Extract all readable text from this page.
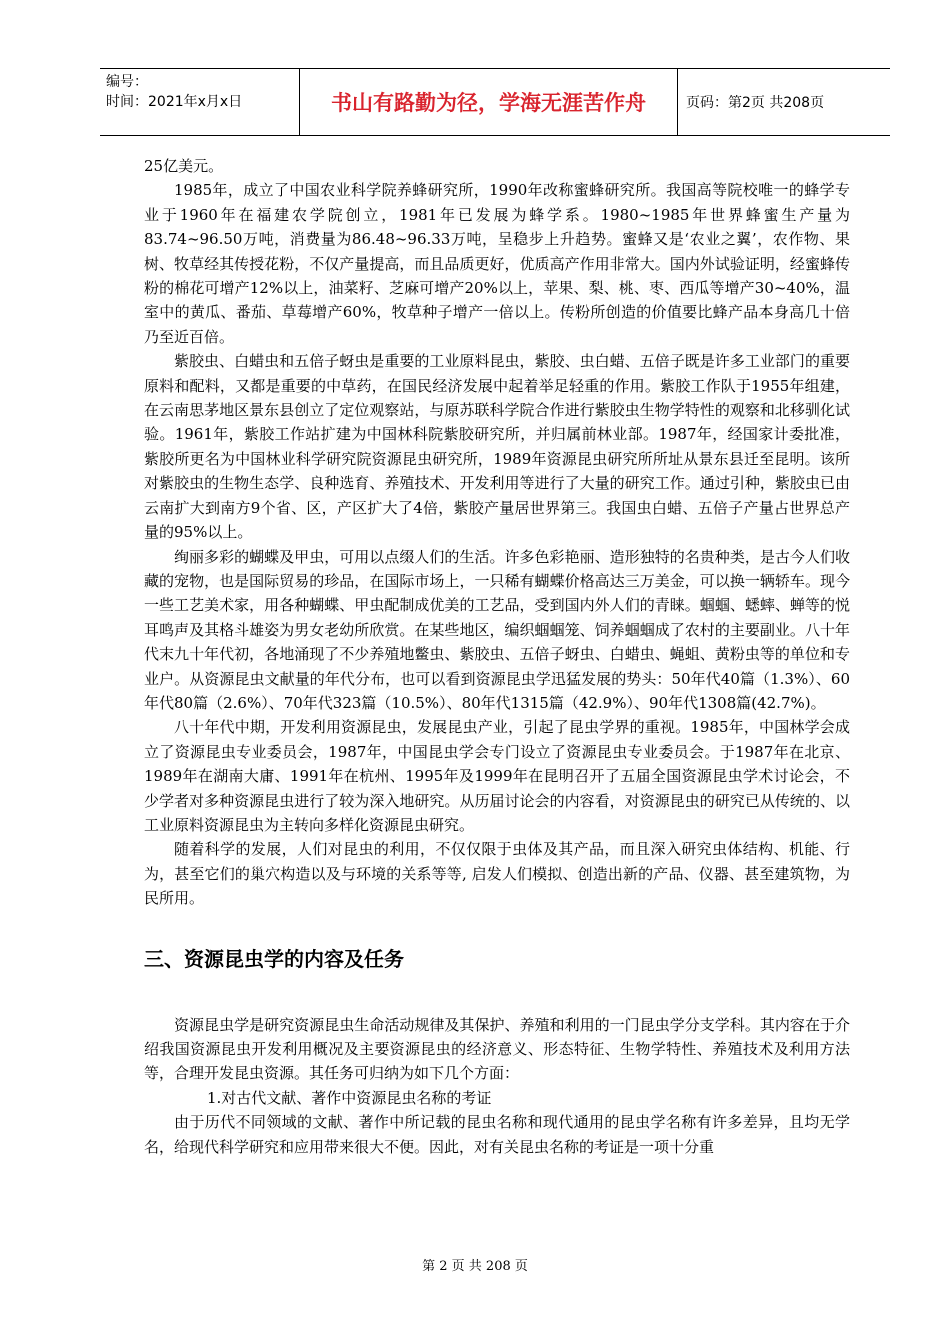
编号：
时间：2021年x月x日	书山有路勤为径，学海无涯苦作舟	页码：第2页 共208页

25亿美元。

1985年，成立了中国农业科学院养蜂研究所，1990年改称蜜蜂研究所。我国高等院校唯一的蜂学专业于1960年在福建农学院创立，1981年已发展为蜂学系。1980~1985年世界蜂蜜生产量为83.74~96.50万吨，消费量为86.48~96.33万吨，呈稳步上升趋势。蜜蜂又是‘农业之翼’，农作物、果树、牧草经其传授花粉，不仅产量提高，而且品质更好，优质高产作用非常大。国内外试验证明，经蜜蜂传粉的棉花可增产12%以上，油菜籽、芝麻可增产20%以上，苹果、梨、桃、枣、西瓜等增产30~40%，温室中的黄瓜、番茄、草莓增产60%，牧草种子增产一倍以上。传粉所创造的价值要比蜂产品本身高几十倍乃至近百倍。

紫胶虫、白蜡虫和五倍子蚜虫是重要的工业原料昆虫，紫胶、虫白蜡、五倍子既是许多工业部门的重要原料和配料，又都是重要的中草药，在国民经济发展中起着举足轻重的作用。紫胶工作队于1955年组建，在云南思茅地区景东县创立了定位观察站，与原苏联科学院合作进行紫胶虫生物学特性的观察和北移驯化试验。1961年，紫胶工作站扩建为中国林科院紫胶研究所，并归属前林业部。1987年，经国家计委批准，紫胶所更名为中国林业科学研究院资源昆虫研究所，1989年资源昆虫研究所所址从景东县迁至昆明。该所对紫胶虫的生物生态学、良种选育、养殖技术、开发利用等进行了大量的研究工作。通过引种，紫胶虫已由云南扩大到南方9个省、区，产区扩大了4倍，紫胶产量居世界第三。我国虫白蜡、五倍子产量占世界总产量的95%以上。

绚丽多彩的蝴蝶及甲虫，可用以点缀人们的生活。许多色彩艳丽、造形独特的名贵种类，是古今人们收藏的宠物，也是国际贸易的珍品，在国际市场上，一只稀有蝴蝶价格高达三万美金，可以换一辆轿车。现今一些工艺美术家，用各种蝴蝶、甲虫配制成优美的工艺品，受到国内外人们的青睐。蝈蝈、蟋蟀、蝉等的悦耳鸣声及其格斗雄姿为男女老幼所欣赏。在某些地区，编织蝈蝈笼、饲养蝈蝈成了农村的主要副业。八十年代末九十年代初，各地涌现了不少养殖地鳖虫、紫胶虫、五倍子蚜虫、白蜡虫、蝇蛆、黄粉虫等的单位和专业户。从资源昆虫文献量的年代分布，也可以看到资源昆虫学迅猛发展的势头：50年代40篇（1.3%）、60年代80篇（2.6%）、70年代323篇（10.5%）、80年代1315篇（42.9%）、90年代1308篇(42.7%)。

八十年代中期，开发利用资源昆虫，发展昆虫产业，引起了昆虫学界的重视。1985年，中国林学会成立了资源昆虫专业委员会，1987年，中国昆虫学会专门设立了资源昆虫专业委员会。于1987年在北京、1989年在湖南大庸、1991年在杭州、1995年及1999年在昆明召开了五届全国资源昆虫学术讨论会，不少学者对多种资源昆虫进行了较为深入地研究。从历届讨论会的内容看，对资源昆虫的研究已从传统的、以工业原料资源昆虫为主转向多样化资源昆虫研究。

随着科学的发展，人们对昆虫的利用，不仅仅限于虫体及其产品，而且深入研究虫体结构、机能、行为，甚至它们的巢穴构造以及与环境的关系等等, 启发人们模拟、创造出新的产品、仪器、甚至建筑物，为民所用。

三、资源昆虫学的内容及任务

资源昆虫学是研究资源昆虫生命活动规律及其保护、养殖和利用的一门昆虫学分支学科。其内容在于介绍我国资源昆虫开发利用概况及主要资源昆虫的经济意义、形态特征、生物学特性、养殖技术及利用方法等，合理开发昆虫资源。其任务可归纳为如下几个方面：

1.对古代文献、著作中资源昆虫名称的考证

由于历代不同领域的文献、著作中所记载的昆虫名称和现代通用的昆虫学名称有许多差异，且均无学名，给现代科学研究和应用带来很大不便。因此，对有关昆虫名称的考证是一项十分重

第 2 页 共 208 页
